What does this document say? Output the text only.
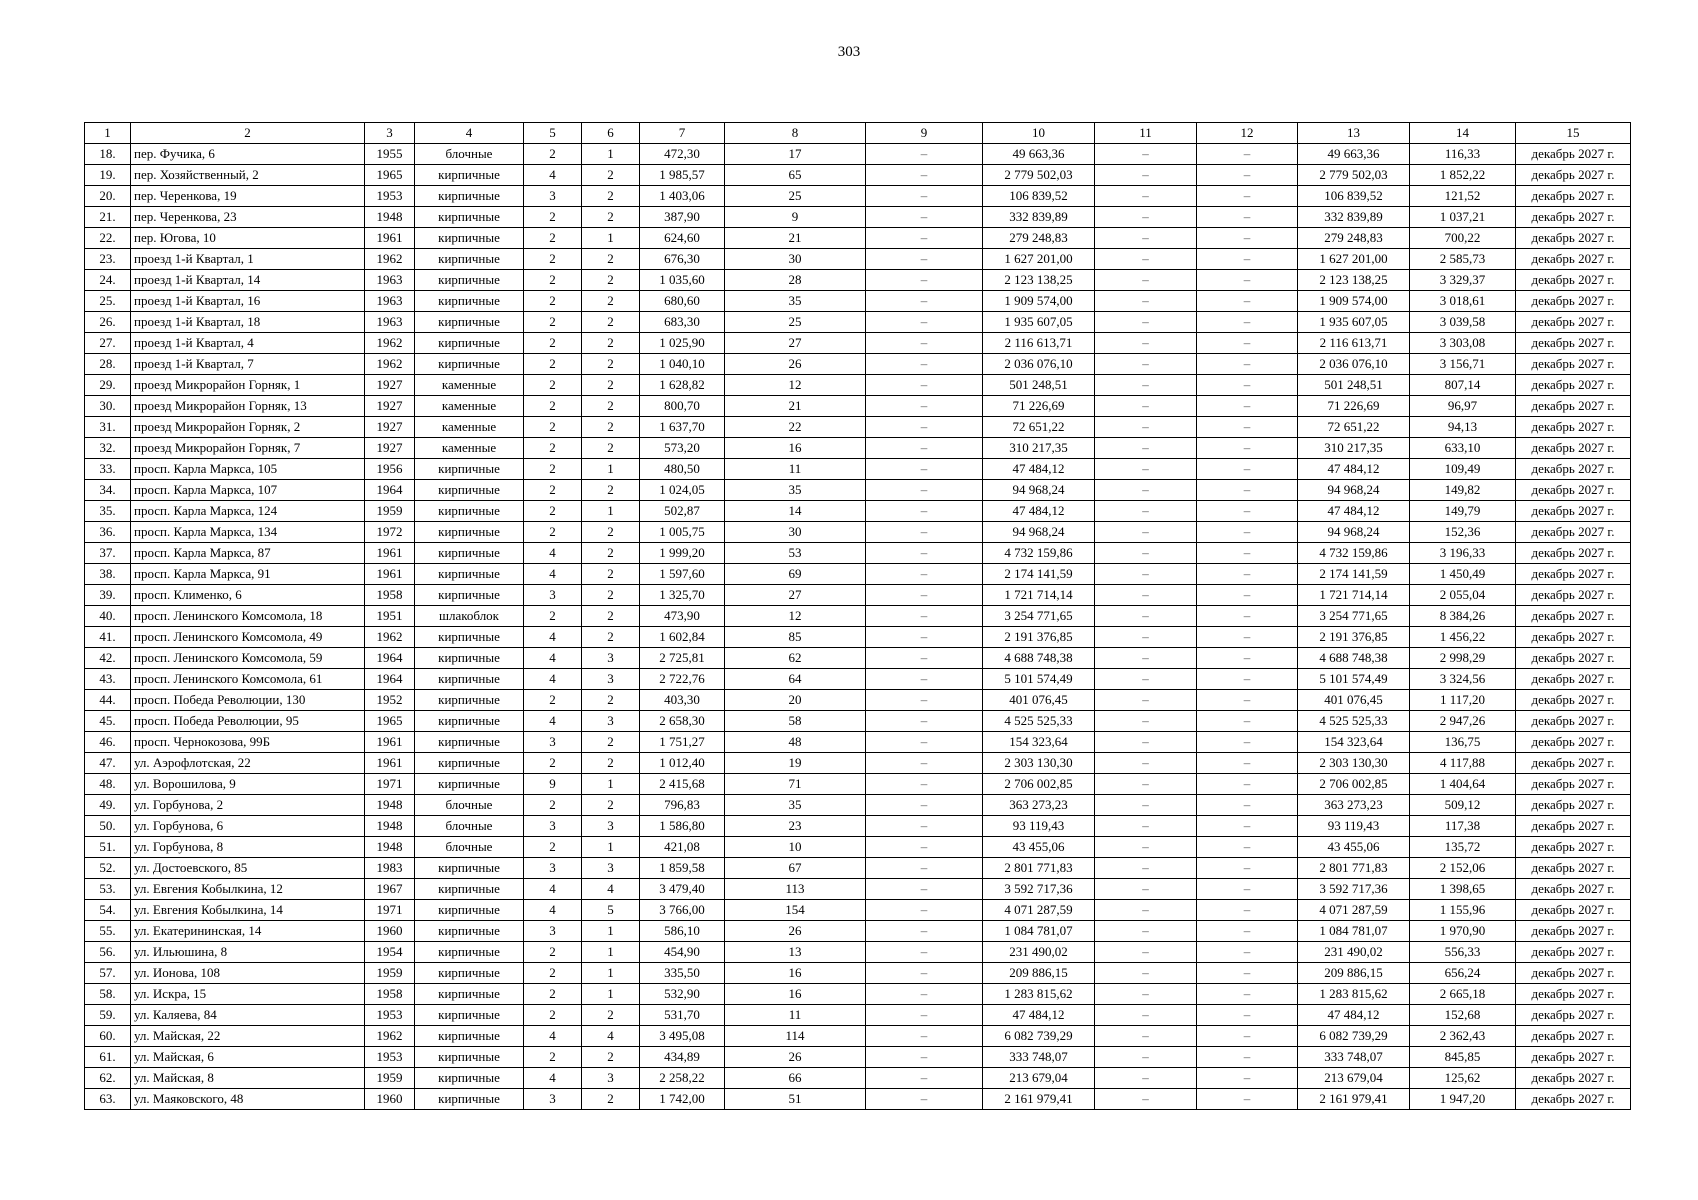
303
1	2	3	4	5	6	7	8	9	10	11	12	13	14	15
18.	пер. Фучика, 6	1955	блочные	2	1	472,30	17	–	49 663,36	–	–	49 663,36	116,33	декабрь 2027 г.
19.	пер. Хозяйственный, 2	1965	кирпичные	4	2	1 985,57	65	–	2 779 502,03	–	–	2 779 502,03	1 852,22	декабрь 2027 г.
20.	пер. Черенкова, 19	1953	кирпичные	3	2	1 403,06	25	–	106 839,52	–	–	106 839,52	121,52	декабрь 2027 г.
21.	пер. Черенкова, 23	1948	кирпичные	2	2	387,90	9	–	332 839,89	–	–	332 839,89	1 037,21	декабрь 2027 г.
22.	пер. Югова, 10	1961	кирпичные	2	1	624,60	21	–	279 248,83	–	–	279 248,83	700,22	декабрь 2027 г.
23.	проезд 1-й Квартал, 1	1962	кирпичные	2	2	676,30	30	–	1 627 201,00	–	–	1 627 201,00	2 585,73	декабрь 2027 г.
24.	проезд 1-й Квартал, 14	1963	кирпичные	2	2	1 035,60	28	–	2 123 138,25	–	–	2 123 138,25	3 329,37	декабрь 2027 г.
25.	проезд 1-й Квартал, 16	1963	кирпичные	2	2	680,60	35	–	1 909 574,00	–	–	1 909 574,00	3 018,61	декабрь 2027 г.
26.	проезд 1-й Квартал, 18	1963	кирпичные	2	2	683,30	25	–	1 935 607,05	–	–	1 935 607,05	3 039,58	декабрь 2027 г.
27.	проезд 1-й Квартал, 4	1962	кирпичные	2	2	1 025,90	27	–	2 116 613,71	–	–	2 116 613,71	3 303,08	декабрь 2027 г.
28.	проезд 1-й Квартал, 7	1962	кирпичные	2	2	1 040,10	26	–	2 036 076,10	–	–	2 036 076,10	3 156,71	декабрь 2027 г.
29.	проезд Микрорайон Горняк, 1	1927	каменные	2	2	1 628,82	12	–	501 248,51	–	–	501 248,51	807,14	декабрь 2027 г.
30.	проезд Микрорайон Горняк, 13	1927	каменные	2	2	800,70	21	–	71 226,69	–	–	71 226,69	96,97	декабрь 2027 г.
31.	проезд Микрорайон Горняк, 2	1927	каменные	2	2	1 637,70	22	–	72 651,22	–	–	72 651,22	94,13	декабрь 2027 г.
32.	проезд Микрорайон Горняк, 7	1927	каменные	2	2	573,20	16	–	310 217,35	–	–	310 217,35	633,10	декабрь 2027 г.
33.	просп. Карла Маркса, 105	1956	кирпичные	2	1	480,50	11	–	47 484,12	–	–	47 484,12	109,49	декабрь 2027 г.
34.	просп. Карла Маркса, 107	1964	кирпичные	2	2	1 024,05	35	–	94 968,24	–	–	94 968,24	149,82	декабрь 2027 г.
35.	просп. Карла Маркса, 124	1959	кирпичные	2	1	502,87	14	–	47 484,12	–	–	47 484,12	149,79	декабрь 2027 г.
36.	просп. Карла Маркса, 134	1972	кирпичные	2	2	1 005,75	30	–	94 968,24	–	–	94 968,24	152,36	декабрь 2027 г.
37.	просп. Карла Маркса, 87	1961	кирпичные	4	2	1 999,20	53	–	4 732 159,86	–	–	4 732 159,86	3 196,33	декабрь 2027 г.
38.	просп. Карла Маркса, 91	1961	кирпичные	4	2	1 597,60	69	–	2 174 141,59	–	–	2 174 141,59	1 450,49	декабрь 2027 г.
39.	просп. Клименко, 6	1958	кирпичные	3	2	1 325,70	27	–	1 721 714,14	–	–	1 721 714,14	2 055,04	декабрь 2027 г.
40.	просп. Ленинского Комсомола, 18	1951	шлакоблок	2	2	473,90	12	–	3 254 771,65	–	–	3 254 771,65	8 384,26	декабрь 2027 г.
41.	просп. Ленинского Комсомола, 49	1962	кирпичные	4	2	1 602,84	85	–	2 191 376,85	–	–	2 191 376,85	1 456,22	декабрь 2027 г.
42.	просп. Ленинского Комсомола, 59	1964	кирпичные	4	3	2 725,81	62	–	4 688 748,38	–	–	4 688 748,38	2 998,29	декабрь 2027 г.
43.	просп. Ленинского Комсомола, 61	1964	кирпичные	4	3	2 722,76	64	–	5 101 574,49	–	–	5 101 574,49	3 324,56	декабрь 2027 г.
44.	просп. Победа Революции, 130	1952	кирпичные	2	2	403,30	20	–	401 076,45	–	–	401 076,45	1 117,20	декабрь 2027 г.
45.	просп. Победа Революции, 95	1965	кирпичные	4	3	2 658,30	58	–	4 525 525,33	–	–	4 525 525,33	2 947,26	декабрь 2027 г.
46.	просп. Чернокозова, 99Б	1961	кирпичные	3	2	1 751,27	48	–	154 323,64	–	–	154 323,64	136,75	декабрь 2027 г.
47.	ул. Аэрофлотская, 22	1961	кирпичные	2	2	1 012,40	19	–	2 303 130,30	–	–	2 303 130,30	4 117,88	декабрь 2027 г.
48.	ул. Ворошилова, 9	1971	кирпичные	9	1	2 415,68	71	–	2 706 002,85	–	–	2 706 002,85	1 404,64	декабрь 2027 г.
49.	ул. Горбунова, 2	1948	блочные	2	2	796,83	35	–	363 273,23	–	–	363 273,23	509,12	декабрь 2027 г.
50.	ул. Горбунова, 6	1948	блочные	3	3	1 586,80	23	–	93 119,43	–	–	93 119,43	117,38	декабрь 2027 г.
51.	ул. Горбунова, 8	1948	блочные	2	1	421,08	10	–	43 455,06	–	–	43 455,06	135,72	декабрь 2027 г.
52.	ул. Достоевского, 85	1983	кирпичные	3	3	1 859,58	67	–	2 801 771,83	–	–	2 801 771,83	2 152,06	декабрь 2027 г.
53.	ул. Евгения Кобылкина, 12	1967	кирпичные	4	4	3 479,40	113	–	3 592 717,36	–	–	3 592 717,36	1 398,65	декабрь 2027 г.
54.	ул. Евгения Кобылкина, 14	1971	кирпичные	4	5	3 766,00	154	–	4 071 287,59	–	–	4 071 287,59	1 155,96	декабрь 2027 г.
55.	ул. Екатерининская, 14	1960	кирпичные	3	1	586,10	26	–	1 084 781,07	–	–	1 084 781,07	1 970,90	декабрь 2027 г.
56.	ул. Ильюшина, 8	1954	кирпичные	2	1	454,90	13	–	231 490,02	–	–	231 490,02	556,33	декабрь 2027 г.
57.	ул. Ионова, 108	1959	кирпичные	2	1	335,50	16	–	209 886,15	–	–	209 886,15	656,24	декабрь 2027 г.
58.	ул. Искра, 15	1958	кирпичные	2	1	532,90	16	–	1 283 815,62	–	–	1 283 815,62	2 665,18	декабрь 2027 г.
59.	ул. Каляева, 84	1953	кирпичные	2	2	531,70	11	–	47 484,12	–	–	47 484,12	152,68	декабрь 2027 г.
60.	ул. Майская, 22	1962	кирпичные	4	4	3 495,08	114	–	6 082 739,29	–	–	6 082 739,29	2 362,43	декабрь 2027 г.
61.	ул. Майская, 6	1953	кирпичные	2	2	434,89	26	–	333 748,07	–	–	333 748,07	845,85	декабрь 2027 г.
62.	ул. Майская, 8	1959	кирпичные	4	3	2 258,22	66	–	213 679,04	–	–	213 679,04	125,62	декабрь 2027 г.
63.	ул. Маяковского, 48	1960	кирпичные	3	2	1 742,00	51	–	2 161 979,41	–	–	2 161 979,41	1 947,20	декабрь 2027 г.
